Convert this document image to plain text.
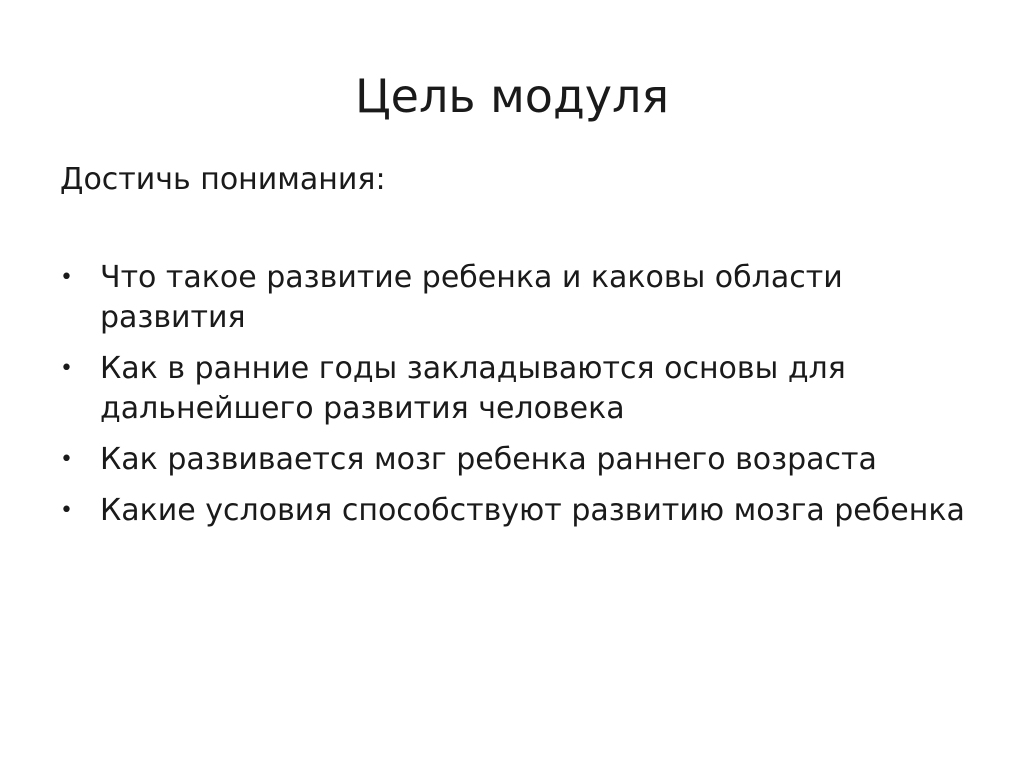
Цель модуля

Достичь понимания:

• Что такое развитие ребенка и каковы области развития
• Как в ранние годы закладываются основы для дальнейшего развития человека
• Как развивается мозг ребенка раннего возраста
• Какие условия способствуют развитию мозга ребенка
